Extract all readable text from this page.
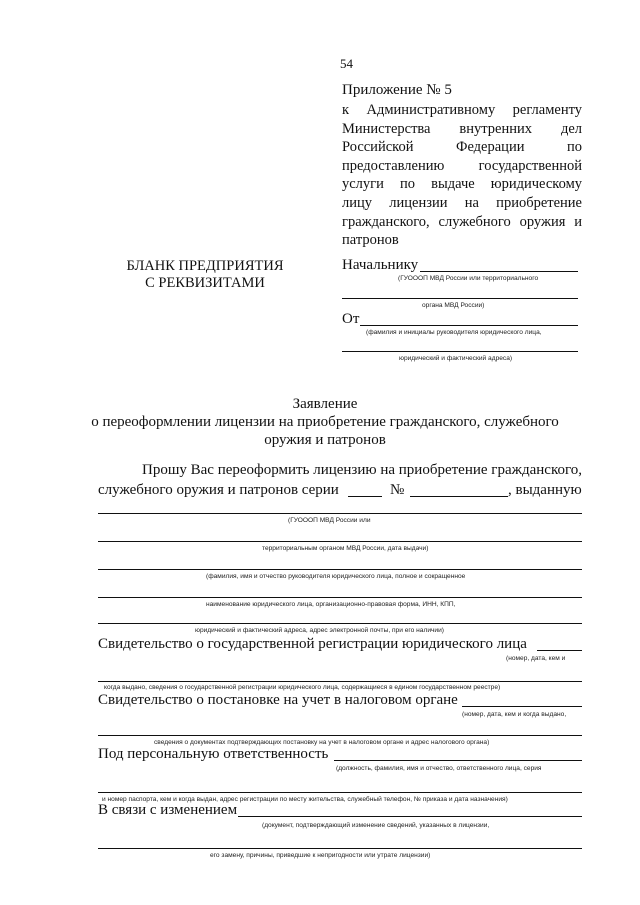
54
Приложение № 5
к Административному регламенту
Министерства внутренних дел
Российской Федерации по
предоставлению государственной
услуги по выдаче юридическому
лицу лицензии на приобретение
гражданского, служебного оружия и
патронов
БЛАНК ПРЕДПРИЯТИЯ
С РЕКВИЗИТАМИ
Начальнику
(ГУОООП МВД России или территориального
органа МВД России)
От
(фамилия и инициалы руководителя юридического лица,
юридический и фактический адреса)
Заявление
о переоформлении лицензии на приобретение гражданского, служебного
оружия и патронов
Прошу Вас переоформить лицензию на приобретение гражданского,
служебного оружия и патронов серии	№	, выданную
(ГУОООП МВД России или
территориальным органом МВД России, дата выдачи)
(фамилия, имя и отчество руководителя юридического лица, полное и сокращенное
наименование юридического лица, организационно-правовая форма, ИНН, КПП,
юридический и фактический адреса, адрес электронной почты, при его наличии)
Свидетельство о государственной регистрации юридического лица
(номер, дата, кем и
когда выдано, сведения о государственной регистрации юридического лица, содержащиеся в едином государственном реестре)
Свидетельство о постановке на учет в налоговом органе
(номер, дата, кем и когда выдано,
сведения о документах подтверждающих постановку на учет в налоговом органе и адрес налогового органа)
Под персональную ответственность
(должность, фамилия, имя и отчество, ответственного лица, серия
и номер паспорта, кем и когда выдан, адрес регистрации по месту жительства, служебный телефон, № приказа и дата назначения)
В связи с изменением
(документ, подтверждающий изменение сведений, указанных в лицензии,
его замену, причины, приведшие к непригодности или утрате лицензии)
